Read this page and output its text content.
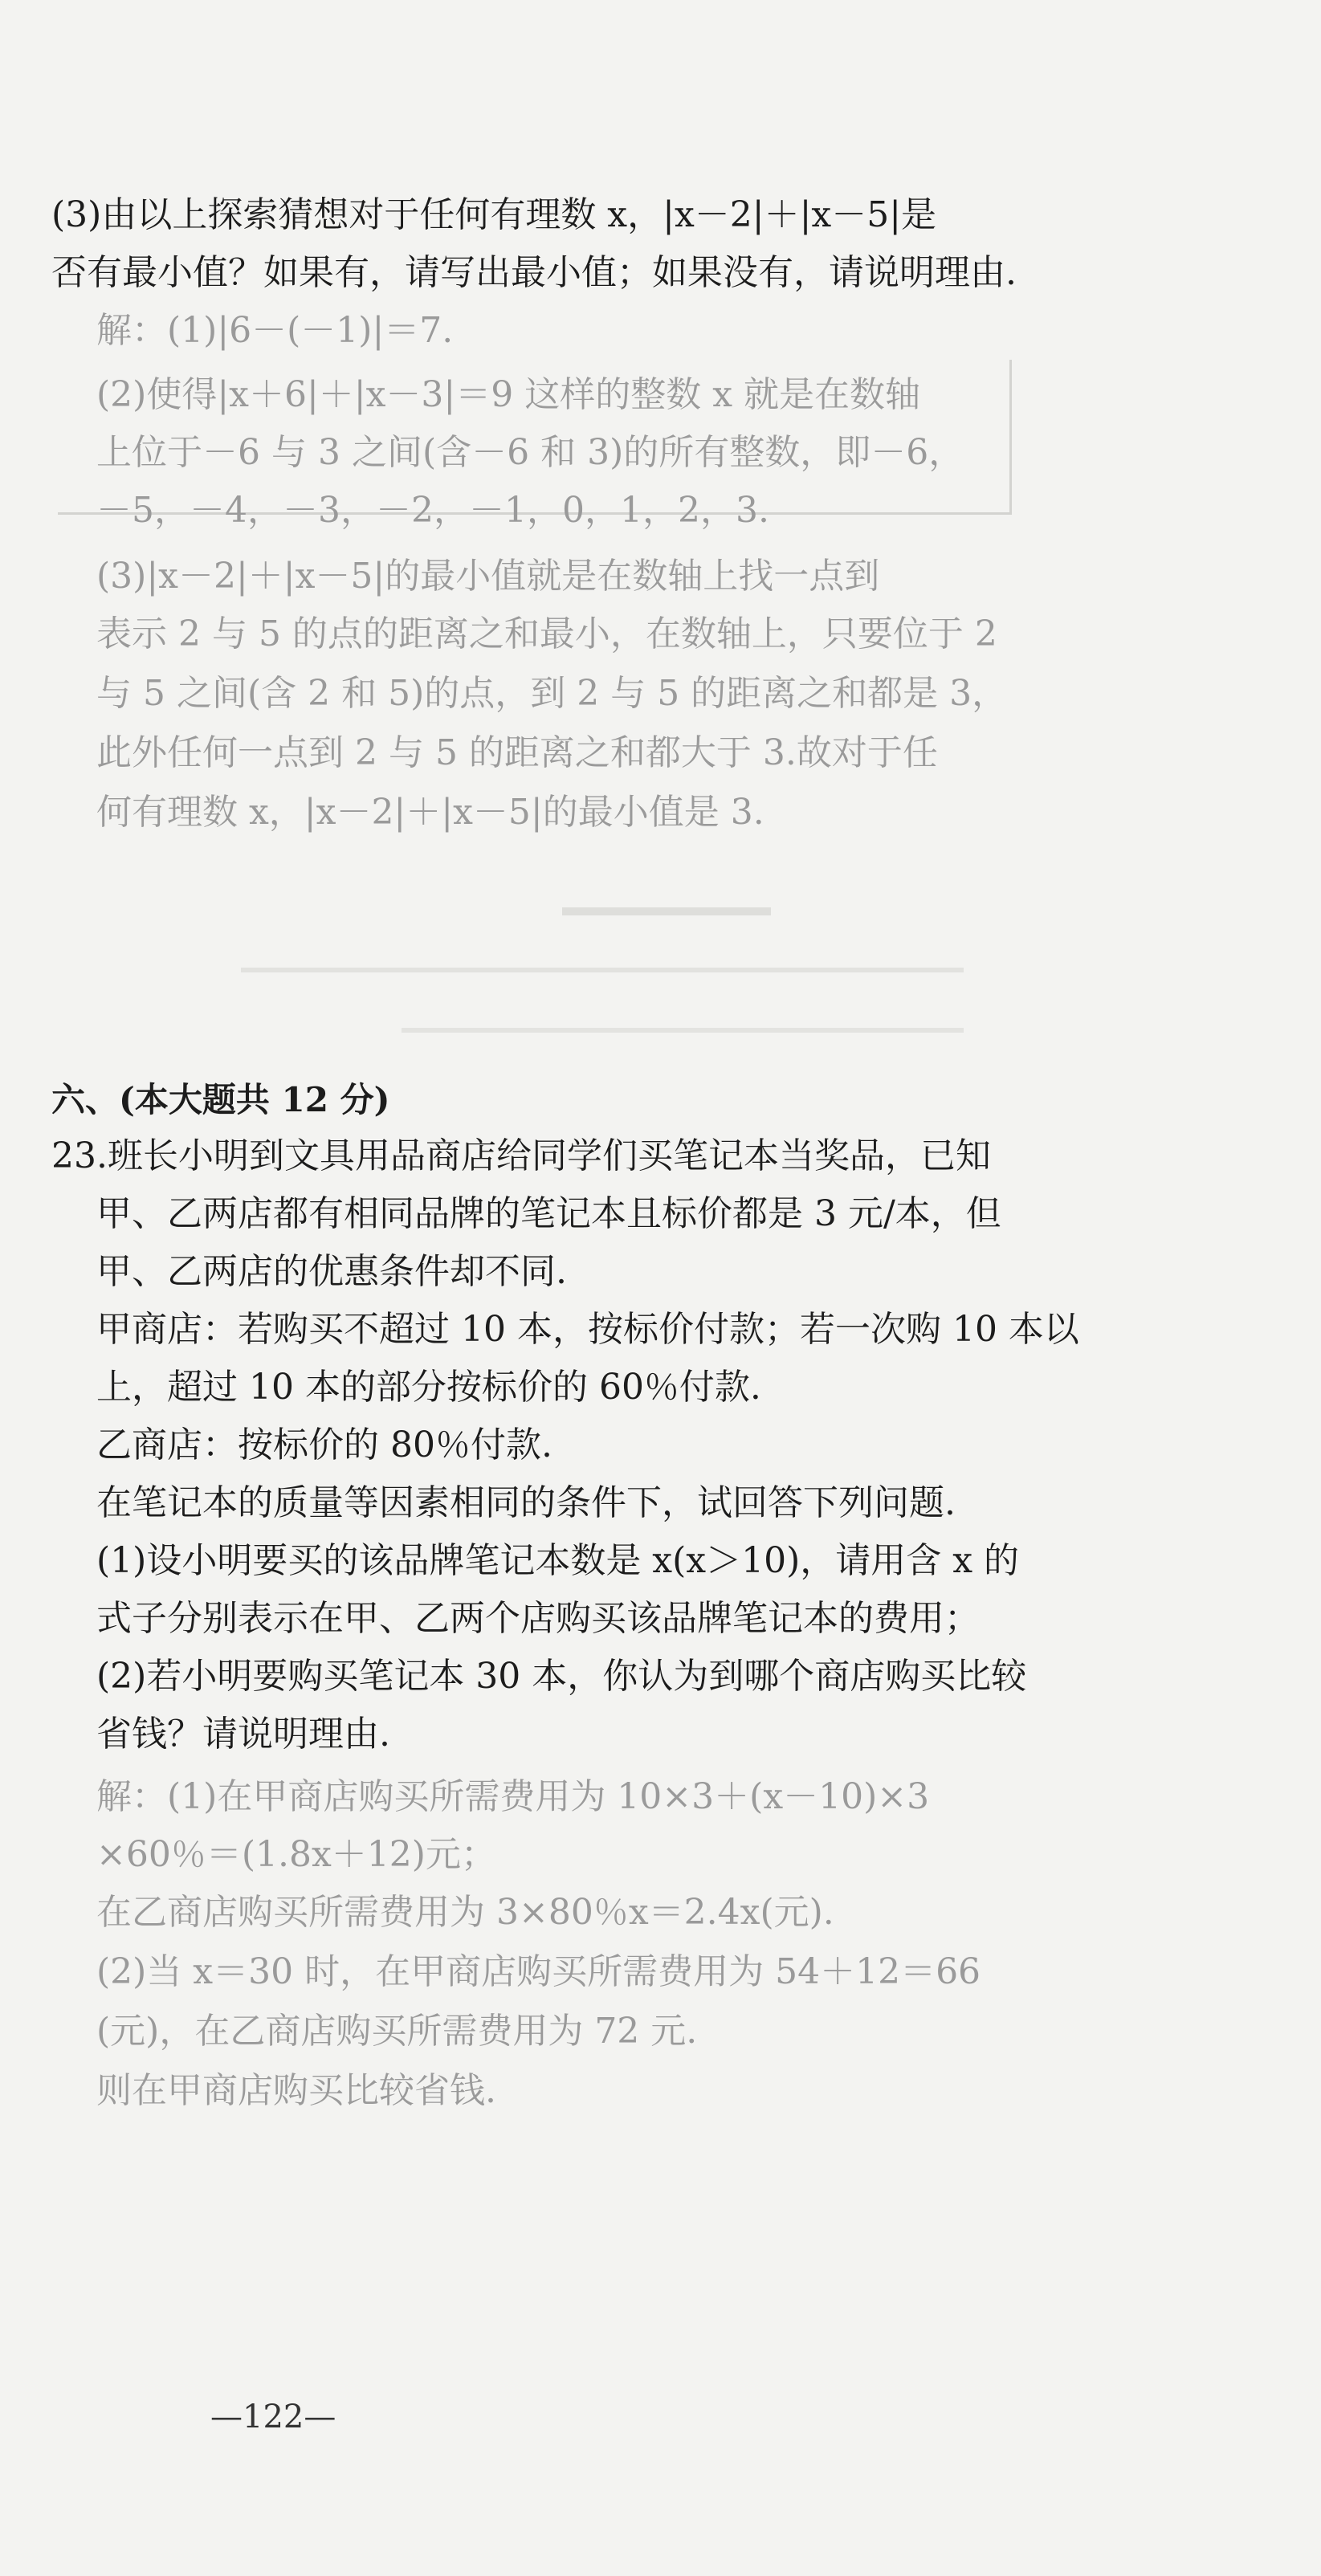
(3)由以上探索猜想对于任何有理数 x，|x－2|＋|x－5|是
否有最小值？如果有，请写出最小值；如果没有，请说明理由.
解：(1)|6－(－1)|＝7.
(2)使得|x＋6|＋|x－3|＝9 这样的整数 x 就是在数轴
上位于－6 与 3 之间(含－6 和 3)的所有整数，即－6，
－5，－4，－3，－2，－1，0，1，2，3.
(3)|x－2|＋|x－5|的最小值就是在数轴上找一点到
表示 2 与 5 的点的距离之和最小，在数轴上，只要位于 2
与 5 之间(含 2 和 5)的点，到 2 与 5 的距离之和都是 3，
此外任何一点到 2 与 5 的距离之和都大于 3.故对于任
何有理数 x，|x－2|＋|x－5|的最小值是 3.
六、(本大题共 12 分)
23.班长小明到文具用品商店给同学们买笔记本当奖品，已知
甲、乙两店都有相同品牌的笔记本且标价都是 3 元/本，但
甲、乙两店的优惠条件却不同.
甲商店：若购买不超过 10 本，按标价付款；若一次购 10 本以
上，超过 10 本的部分按标价的 60％付款.
乙商店：按标价的 80％付款.
在笔记本的质量等因素相同的条件下，试回答下列问题.
(1)设小明要买的该品牌笔记本数是 x(x＞10)，请用含 x 的
式子分别表示在甲、乙两个店购买该品牌笔记本的费用；
(2)若小明要购买笔记本 30 本，你认为到哪个商店购买比较
省钱？请说明理由.
解：(1)在甲商店购买所需费用为 10×3＋(x－10)×3
×60％＝(1.8x＋12)元；
在乙商店购买所需费用为 3×80％x＝2.4x(元).
(2)当 x＝30 时，在甲商店购买所需费用为 54＋12＝66
(元)，在乙商店购买所需费用为 72 元.
则在甲商店购买比较省钱.
—122—
